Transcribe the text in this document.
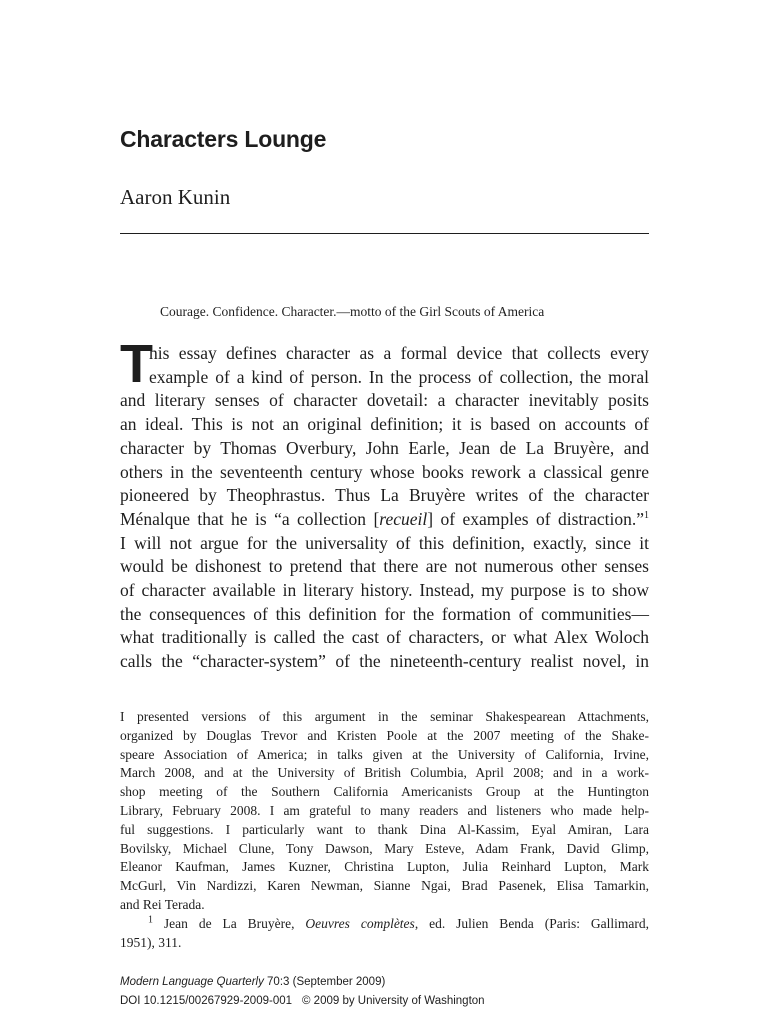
Characters Lounge
Aaron Kunin
Courage. Confidence. Character.—motto of the Girl Scouts of America
T
his essay defines character as a formal device that collects every
example of a kind of person. In the process of collection, the moral
and literary senses of character dovetail: a character inevitably posits
an ideal. This is not an original definition; it is based on accounts of
character by Thomas Overbury, John Earle, Jean de La Bruyère, and
others in the seventeenth century whose books rework a classical genre
pioneered by Theophrastus. Thus La Bruyère writes of the character
Ménalque that he is “a collection [recueil] of examples of distraction.”$^1$
I will not argue for the universality of this definition, exactly, since it
would be dishonest to pretend that there are not numerous other senses
of character available in literary history. Instead, my purpose is to show
the consequences of this definition for the formation of communities—
what traditionally is called the cast of characters, or what Alex Woloch
calls the “character-system” of the nineteenth-century realist novel, in
I presented versions of this argument in the seminar Shakespearean Attachments,
organized by Douglas Trevor and Kristen Poole at the 2007 meeting of the Shake-
speare Association of America; in talks given at the University of California, Irvine,
March 2008, and at the University of British Columbia, April 2008; and in a work-
shop meeting of the Southern California Americanists Group at the Huntington
Library, February 2008. I am grateful to many readers and listeners who made help-
ful suggestions. I particularly want to thank Dina Al-Kassim, Eyal Amiran, Lara
Bovilsky, Michael Clune, Tony Dawson, Mary Esteve, Adam Frank, David Glimp,
Eleanor Kaufman, James Kuzner, Christina Lupton, Julia Reinhard Lupton, Mark
McGurl, Vin Nardizzi, Karen Newman, Sianne Ngai, Brad Pasenek, Elisa Tamarkin,
and Rei Terada.
$^1$ Jean de La Bruyère, Oeuvres complètes, ed. Julien Benda (Paris: Gallimard,
1951), 311.
Modern Language Quarterly 70:3 (September 2009)
DOI 10.1215/00267929-2009-001 © 2009 by University of Washington
